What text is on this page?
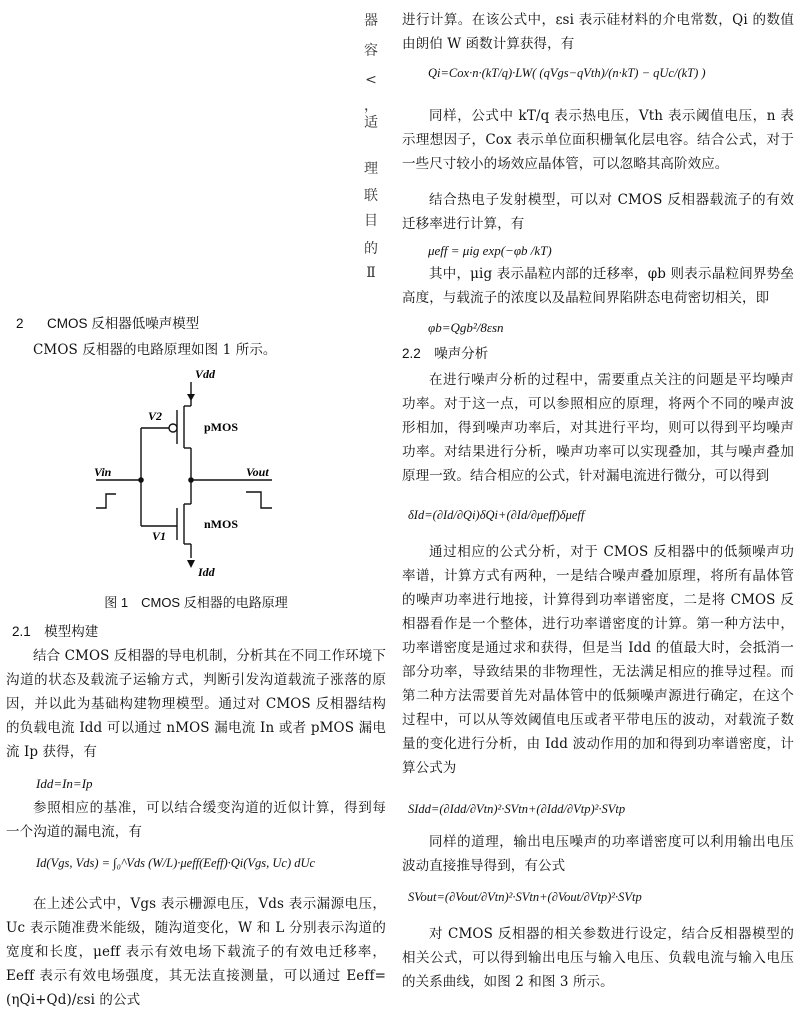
器
容
<
，
适
理
联
目
的
Ⅱ
2 CMOS 反相器低噪声模型
CMOS 反相器的电路原理如图 1 所示。
Vdd
V2
pMOS
Vin	Vout
nMOS
V1
Idd
图 1　CMOS 反相器的电路原理
2.1　模型构建
结合 CMOS 反相器的导电机制，分析其在不同工作环境下沟道的状态及载流子运输方式，判断引发沟道载流子涨落的原因，并以此为基础构建物理模型。通过对 CMOS 反相器结构的负载电流 Idd 可以通过 nMOS 漏电流 In 或者 pMOS 漏电流 Ip 获得，有
Idd=In=Ip
参照相应的基准，可以结合缓变沟道的近似计算，得到每一个沟道的漏电流，有
Id(Vgs, Vds) = ∫₀^Vds (W/L)·μeff(Eeff)·Qi(Vgs, Uc) dUc
在上述公式中，Vgs 表示栅源电压，Vds 表示漏源电压，Uc 表示随准费米能级，随沟道变化，W 和 L 分别表示沟道的宽度和长度，μeff 表示有效电场下载流子的有效电迁移率，Eeff 表示有效电场强度，其无法直接测量，可以通过 Eeff=(ηQi+Qd)/εsi 的公式
进行计算。在该公式中，εsi 表示硅材料的介电常数，Qi 的数值由朗伯 W 函数计算获得，有
Qi=Cox·n·(kT/q)·LW( (qVgs−qVth)/(n·kT) − qUc/(kT) )
同样，公式中 kT/q 表示热电压，Vth 表示阈值电压，n 表示理想因子，Cox 表示单位面积栅氧化层电容。结合公式，对于一些尺寸较小的场效应晶体管，可以忽略其高阶效应。
结合热电子发射模型，可以对 CMOS 反相器载流子的有效迁移率进行计算，有
μeff = μig exp(−φb /kT)
其中，μig 表示晶粒内部的迁移率，φb 则表示晶粒间界势垒高度，与载流子的浓度以及晶粒间界陷阱态电荷密切相关，即
φb=Qgb²/8εsn
2.2　噪声分析
在进行噪声分析的过程中，需要重点关注的问题是平均噪声功率。对于这一点，可以参照相应的原理，将两个不同的噪声波形相加，得到噪声功率后，对其进行平均，则可以得到平均噪声功率。对结果进行分析，噪声功率可以实现叠加，其与噪声叠加原理一致。结合相应的公式，针对漏电流进行微分，可以得到
δId=(∂Id/∂Qi)δQi+(∂Id/∂μeff)δμeff
通过相应的公式分析，对于 CMOS 反相器中的低频噪声功率谱，计算方式有两种，一是结合噪声叠加原理，将所有晶体管的噪声功率进行地接，计算得到功率谱密度，二是将 CMOS 反相器看作是一个整体，进行功率谱密度的计算。第一种方法中，功率谱密度是通过求和获得，但是当 Idd 的值最大时，会抵消一部分功率，导致结果的非物理性，无法满足相应的推导过程。而第二种方法需要首先对晶体管中的低频噪声源进行确定，在这个过程中，可以从等效阈值电压或者平带电压的波动，对载流子数量的变化进行分析，由 Idd 波动作用的加和得到功率谱密度，计算公式为
SIdd=(∂Idd/∂Vtn)²·SVtn+(∂Idd/∂Vtp)²·SVtp
同样的道理，输出电压噪声的功率谱密度可以利用输出电压波动直接推导得到，有公式
SVout=(∂Vout/∂Vtn)²·SVtn+(∂Vout/∂Vtp)²·SVtp
对 CMOS 反相器的相关参数进行设定，结合反相器模型的相关公式，可以得到输出电压与输入电压、负载电流与输入电压的关系曲线，如图 2 和图 3 所示。
